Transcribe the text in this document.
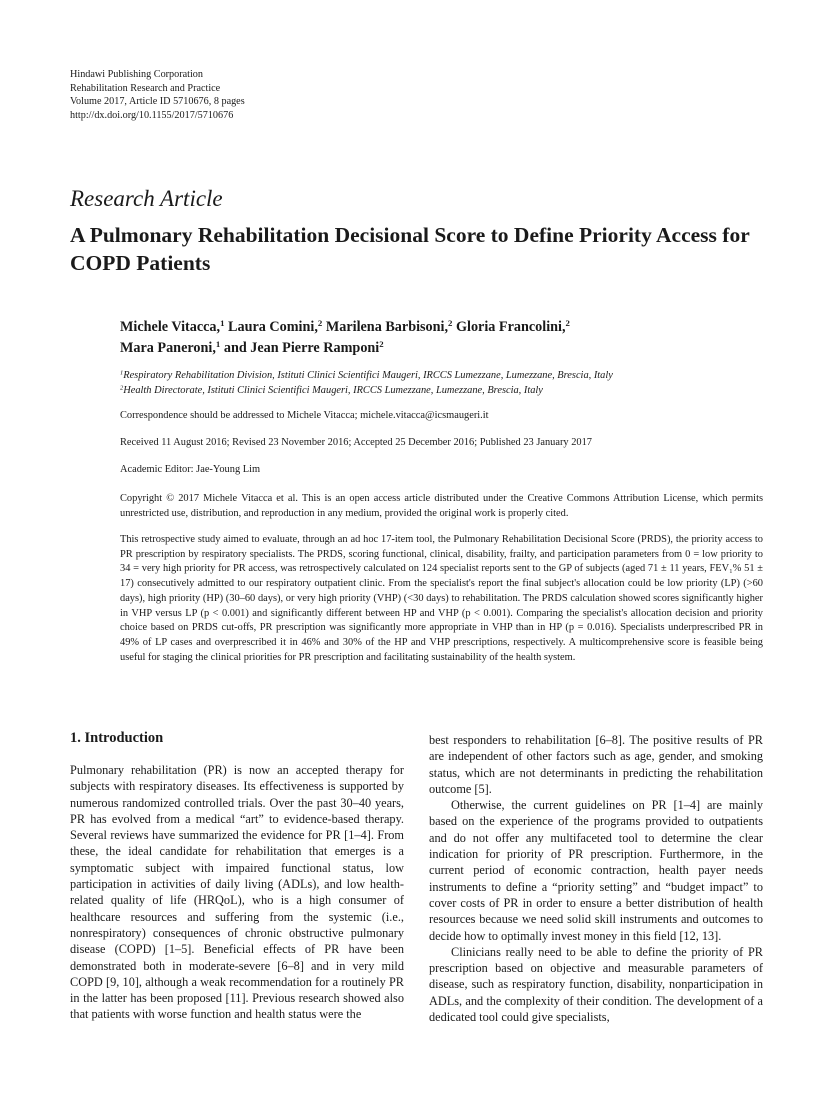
Hindawi Publishing Corporation
Rehabilitation Research and Practice
Volume 2017, Article ID 5710676, 8 pages
http://dx.doi.org/10.1155/2017/5710676
Research Article
A Pulmonary Rehabilitation Decisional Score to Define Priority Access for COPD Patients
Michele Vitacca,$^1$ Laura Comini,$^2$ Marilena Barbisoni,$^2$ Gloria Francolini,$^2$
Mara Paneroni,$^1$ and Jean Pierre Ramponi$^2$
$^1$Respiratory Rehabilitation Division, Istituti Clinici Scientifici Maugeri, IRCCS Lumezzane, Lumezzane, Brescia, Italy
$^2$Health Directorate, Istituti Clinici Scientifici Maugeri, IRCCS Lumezzane, Lumezzane, Brescia, Italy
Correspondence should be addressed to Michele Vitacca; michele.vitacca@icsmaugeri.it
Received 11 August 2016; Revised 23 November 2016; Accepted 25 December 2016; Published 23 January 2017
Academic Editor: Jae-Young Lim
Copyright © 2017 Michele Vitacca et al. This is an open access article distributed under the Creative Commons Attribution License, which permits unrestricted use, distribution, and reproduction in any medium, provided the original work is properly cited.
This retrospective study aimed to evaluate, through an ad hoc 17-item tool, the Pulmonary Rehabilitation Decisional Score (PRDS), the priority access to PR prescription by respiratory specialists. The PRDS, scoring functional, clinical, disability, frailty, and participation parameters from 0 = low priority to 34 = very high priority for PR access, was retrospectively calculated on 124 specialist reports sent to the GP of subjects (aged 71 ± 11 years, FEV₁% 51 ± 17) consecutively admitted to our respiratory outpatient clinic. From the specialist's report the final subject's allocation could be low priority (LP) (>60 days), high priority (HP) (30–60 days), or very high priority (VHP) (<30 days) to rehabilitation. The PRDS calculation showed scores significantly higher in VHP versus LP (p < 0.001) and significantly different between HP and VHP (p < 0.001). Comparing the specialist's allocation decision and priority choice based on PRDS cut-offs, PR prescription was significantly more appropriate in VHP than in HP (p = 0.016). Specialists underprescribed PR in 49% of LP cases and overprescribed it in 46% and 30% of the HP and VHP prescriptions, respectively. A multicomprehensive score is feasible being useful for staging the clinical priorities for PR prescription and facilitating sustainability of the health system.
1. Introduction

Pulmonary rehabilitation (PR) is now an accepted therapy for subjects with respiratory diseases. Its effectiveness is supported by numerous randomized controlled trials. Over the past 30–40 years, PR has evolved from a medical “art” to evidence-based therapy. Several reviews have summarized the evidence for PR [1–4]. From these, the ideal candidate for rehabilitation that emerges is a symptomatic subject with impaired functional status, low participation in activities of daily living (ADLs), and low health-related quality of life (HRQoL), who is a high consumer of healthcare resources and suffering from the systemic (i.e., nonrespiratory) consequences of chronic obstructive pulmonary disease (COPD) [1–5]. Beneficial effects of PR have been demonstrated both in moderate-severe [6–8] and in very mild COPD [9, 10], although a weak recommendation for a routinely PR in the latter has been proposed [11]. Previous research showed also that patients with worse function and health status were the

best responders to rehabilitation [6–8]. The positive results of PR are independent of other factors such as age, gender, and smoking status, which are not determinants in predicting the rehabilitation outcome [5].

Otherwise, the current guidelines on PR [1–4] are mainly based on the experience of the programs provided to outpatients and do not offer any multifaceted tool to determine the clear indication for priority of PR prescription. Furthermore, in the current period of economic contraction, health payer needs instruments to define a “priority setting” and “budget impact” to cover costs of PR in order to ensure a better distribution of health resources because we need solid skill instruments and outcomes to decide how to optimally invest money in this field [12, 13].

Clinicians really need to be able to define the priority of PR prescription based on objective and measurable parameters of disease, such as respiratory function, disability, nonparticipation in ADLs, and the complexity of their condition. The development of a dedicated tool could give specialists,
